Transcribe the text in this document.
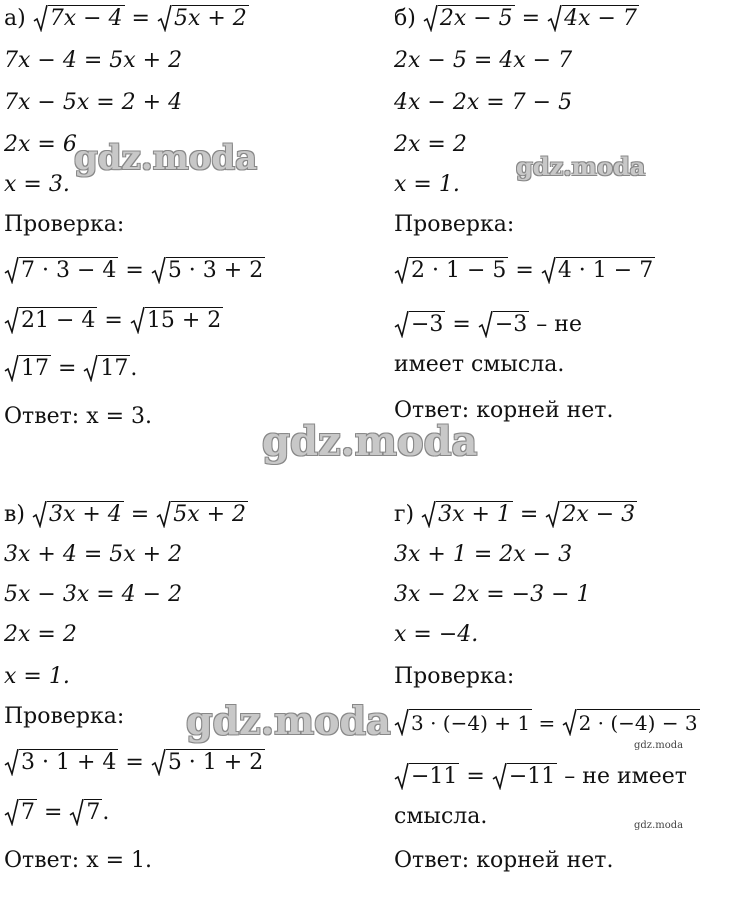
а) 7x − 4 =
5x + 2
7x − 4 = 5x + 2
7x − 5x = 2 + 4
2x = 6
x = 3.
Проверка:
7 · 3 − 4 =
5 · 3 + 2
21 − 4 =
15 + 2
17 =
17.
Ответ: x = 3.
б) 2x − 5 =
4x − 7
2x − 5 = 4x − 7
4x − 2x = 7 − 5
2x = 2
x = 1.
Проверка:
2 · 1 − 5 =
4 · 1 − 7
−3 =
−3 – не
имеет смысла.
Ответ: корней нет.
в) 3x + 4 =
5x + 2
3x + 4 = 5x + 2
5x − 3x = 4 − 2
2x = 2
x = 1.
Проверка:
3 · 1 + 4 =
5 · 1 + 2
7 =
7.
Ответ: x = 1.
г) 3x + 1 =
2x − 3
3x + 1 = 2x − 3
3x − 2x = −3 − 1
x = −4.
Проверка:
3 · (−4) + 1 =
2 · (−4) − 3
−11 =
−11 – не имеет
смысла.
Ответ: корней нет.
gdz.moda	gdz.moda
gdz.moda
gdz.moda
gdz.moda
gdz.moda
